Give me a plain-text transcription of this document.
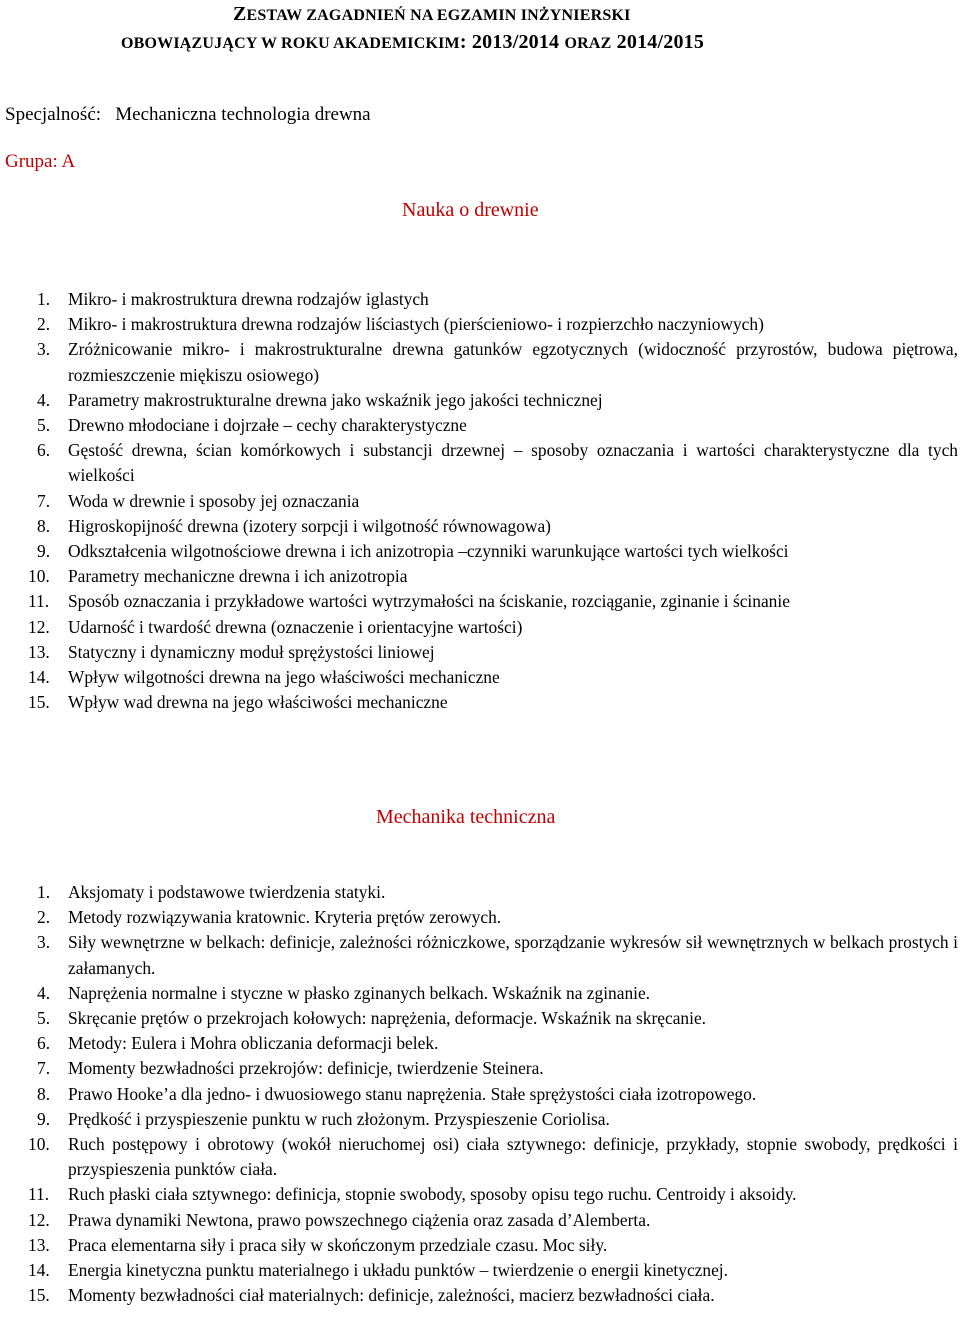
ZESTAW ZAGADNIEŃ NA EGZAMIN INŻYNIERSKI
OBOWIĄZUJĄCY W ROKU AKADEMICKIM: 2013/2014 ORAZ 2014/2015
Specjalność: Mechaniczna technologia drewna
Grupa: A
Nauka o drewnie
1. Mikro- i makrostruktura drewna rodzajów iglastych
2. Mikro- i makrostruktura drewna rodzajów liściastych (pierścieniowo- i rozpierzchło naczyniowych)
3. Zróżnicowanie mikro- i makrostrukturalne drewna gatunków egzotycznych (widoczność przyrostów, budowa piętrowa, rozmieszczenie miękiszu osiowego)
4. Parametry makrostrukturalne drewna jako wskaźnik jego jakości technicznej
5. Drewno młodociane i dojrzałe – cechy charakterystyczne
6. Gęstość drewna, ścian komórkowych i substancji drzewnej – sposoby oznaczania i wartości charakterystyczne dla tych wielkości
7. Woda w drewnie i sposoby jej oznaczania
8. Higroskopijność drewna (izotery sorpcji i wilgotność równowagowa)
9. Odkształcenia wilgotnościowe drewna i ich anizotropia –czynniki warunkujące wartości tych wielkości
10. Parametry mechaniczne drewna i ich anizotropia
11. Sposób oznaczania i przykładowe wartości wytrzymałości na ściskanie, rozciąganie, zginanie i ścinanie
12. Udarność i twardość drewna (oznaczenie i orientacyjne wartości)
13. Statyczny i dynamiczny moduł sprężystości liniowej
14. Wpływ wilgotności drewna na jego właściwości mechaniczne
15. Wpływ wad drewna na jego właściwości mechaniczne
Mechanika techniczna
1. Aksjomaty i podstawowe twierdzenia statyki.
2. Metody rozwiązywania kratownic. Kryteria prętów zerowych.
3. Siły wewnętrzne w belkach: definicje, zależności różniczkowe, sporządzanie wykresów sił wewnętrznych w belkach prostych i załamanych.
4. Naprężenia normalne i styczne w płasko zginanych belkach. Wskaźnik na zginanie.
5. Skręcanie prętów o przekrojach kołowych: naprężenia, deformacje. Wskaźnik na skręcanie.
6. Metody: Eulera i Mohra obliczania deformacji belek.
7. Momenty bezwładności przekrojów: definicje, twierdzenie Steinera.
8. Prawo Hooke’a dla jedno- i dwuosiowego stanu naprężenia. Stałe sprężystości ciała izotropowego.
9. Prędkość i przyspieszenie punktu w ruch złożonym. Przyspieszenie Coriolisa.
10. Ruch postępowy i obrotowy (wokół nieruchomej osi) ciała sztywnego: definicje, przykłady, stopnie swobody, prędkości i przyspieszenia punktów ciała.
11. Ruch płaski ciała sztywnego: definicja, stopnie swobody, sposoby opisu tego ruchu. Centroidy i aksoidy.
12. Prawa dynamiki Newtona, prawo powszechnego ciążenia oraz zasada d’Alemberta.
13. Praca elementarna siły i praca siły w skończonym przedziale czasu. Moc siły.
14. Energia kinetyczna punktu materialnego i układu punktów – twierdzenie o energii kinetycznej.
15. Momenty bezwładności ciał materialnych: definicje, zależności, macierz bezwładności ciała.
